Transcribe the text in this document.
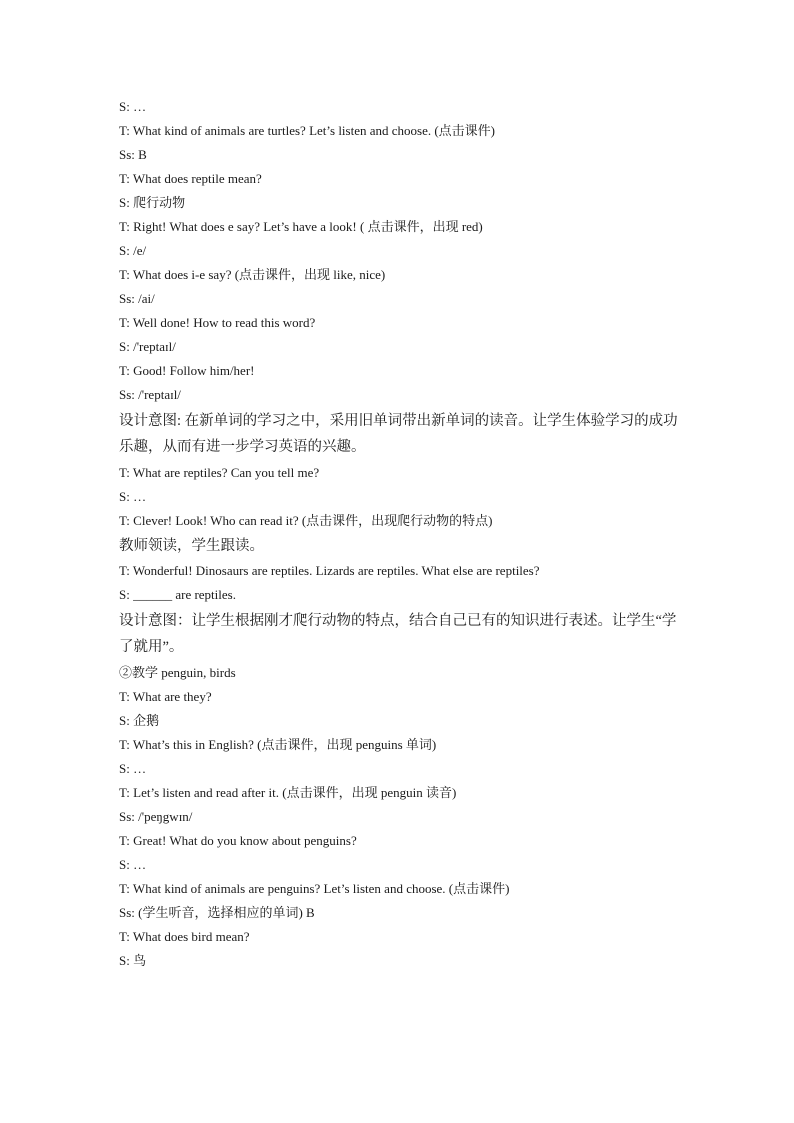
S: …
T: What kind of animals are turtles? Let’s listen and choose. (点击课件)
Ss: B
T: What does reptile mean?
S: 爬行动物
T: Right! What does e say? Let’s have a look! ( 点击课件，出现 red)
S: /e/
T: What does i-e say? (点击课件，出现 like, nice)
Ss: /ai/
T: Well done! How to read this word?
S: /'reptaɪl/
T: Good! Follow him/her!
Ss: /'reptaɪl/
设计意图: 在新单词的学习之中，采用旧单词带出新单词的读音。让学生体验学习的成功乐趣，从而有进一步学习英语的兴趣。
T: What are reptiles? Can you tell me?
S: …
T: Clever! Look! Who can read it? (点击课件，出现爬行动物的特点)
教师领读，学生跟读。
T: Wonderful! Dinosaurs are reptiles. Lizards are reptiles. What else are reptiles?
S: ______ are reptiles.
设计意图：让学生根据刚才爬行动物的特点，结合自己已有的知识进行表述。让学生“学了就用”。
②教学 penguin, birds
T: What are they?
S: 企鹅
T: What’s this in English? (点击课件，出现 penguins 单词)
S: …
T: Let’s listen and read after it. (点击课件，出现 penguin 读音)
Ss: /'peŋgwɪn/
T: Great! What do you know about penguins?
S: …
T: What kind of animals are penguins? Let’s listen and choose. (点击课件)
Ss: (学生听音，选择相应的单词) B
T: What does bird mean?
S: 鸟
